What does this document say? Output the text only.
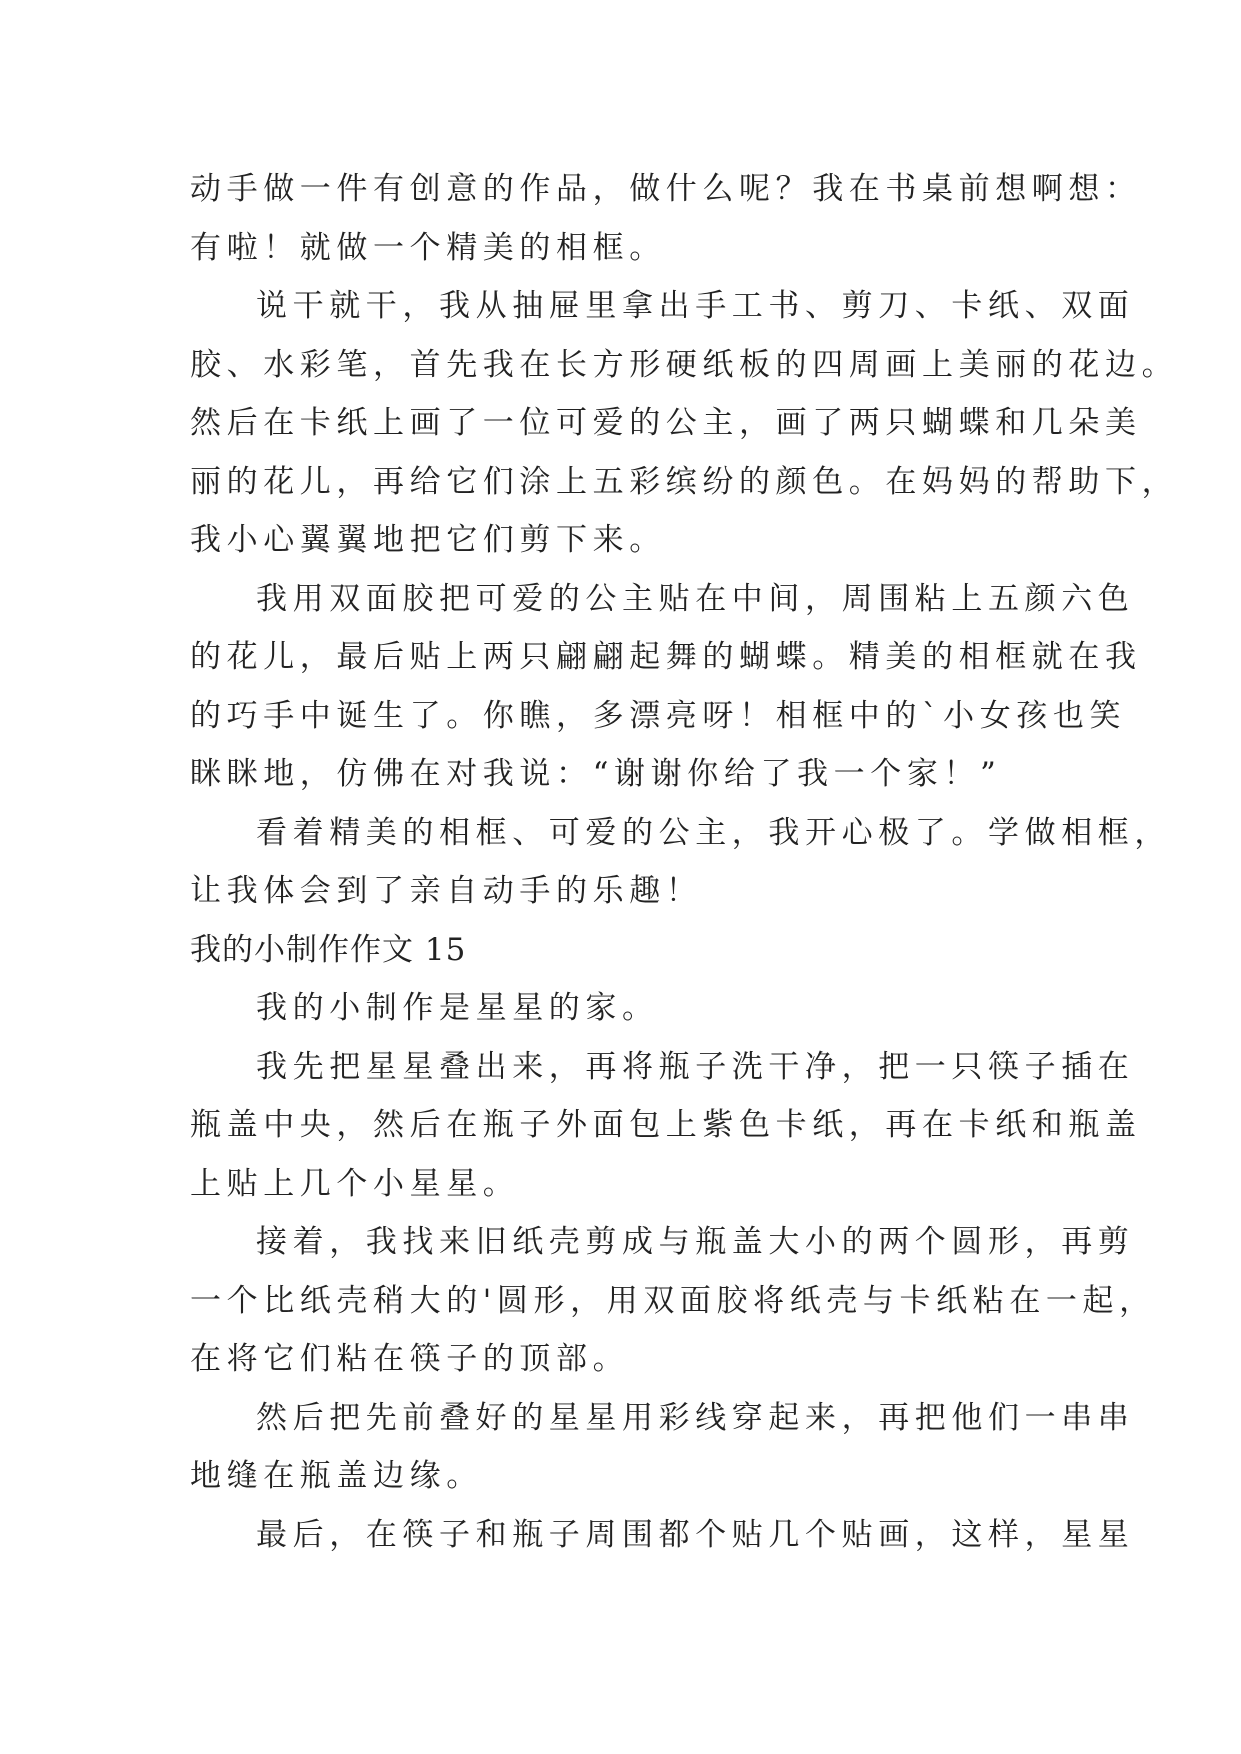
动手做一件有创意的作品，做什么呢？我在书桌前想啊想：
有啦！就做一个精美的相框。
说干就干，我从抽屉里拿出手工书、剪刀、卡纸、双面
胶、水彩笔，首先我在长方形硬纸板的四周画上美丽的花边。
然后在卡纸上画了一位可爱的公主，画了两只蝴蝶和几朵美
丽的花儿，再给它们涂上五彩缤纷的颜色。在妈妈的帮助下，
我小心翼翼地把它们剪下来。
我用双面胶把可爱的公主贴在中间，周围粘上五颜六色
的花儿，最后贴上两只翩翩起舞的蝴蝶。精美的相框就在我
的巧手中诞生了。你瞧，多漂亮呀！相框中的`小女孩也笑
眯眯地，仿佛在对我说：“谢谢你给了我一个家！”
看着精美的相框、可爱的公主，我开心极了。学做相框，
让我体会到了亲自动手的乐趣！
我的小制作作文 15
我的小制作是星星的家。
我先把星星叠出来，再将瓶子洗干净，把一只筷子插在
瓶盖中央，然后在瓶子外面包上紫色卡纸，再在卡纸和瓶盖
上贴上几个小星星。
接着，我找来旧纸壳剪成与瓶盖大小的两个圆形，再剪
一个比纸壳稍大的'圆形，用双面胶将纸壳与卡纸粘在一起，
在将它们粘在筷子的顶部。
然后把先前叠好的星星用彩线穿起来，再把他们一串串
地缝在瓶盖边缘。
最后，在筷子和瓶子周围都个贴几个贴画，这样，星星
